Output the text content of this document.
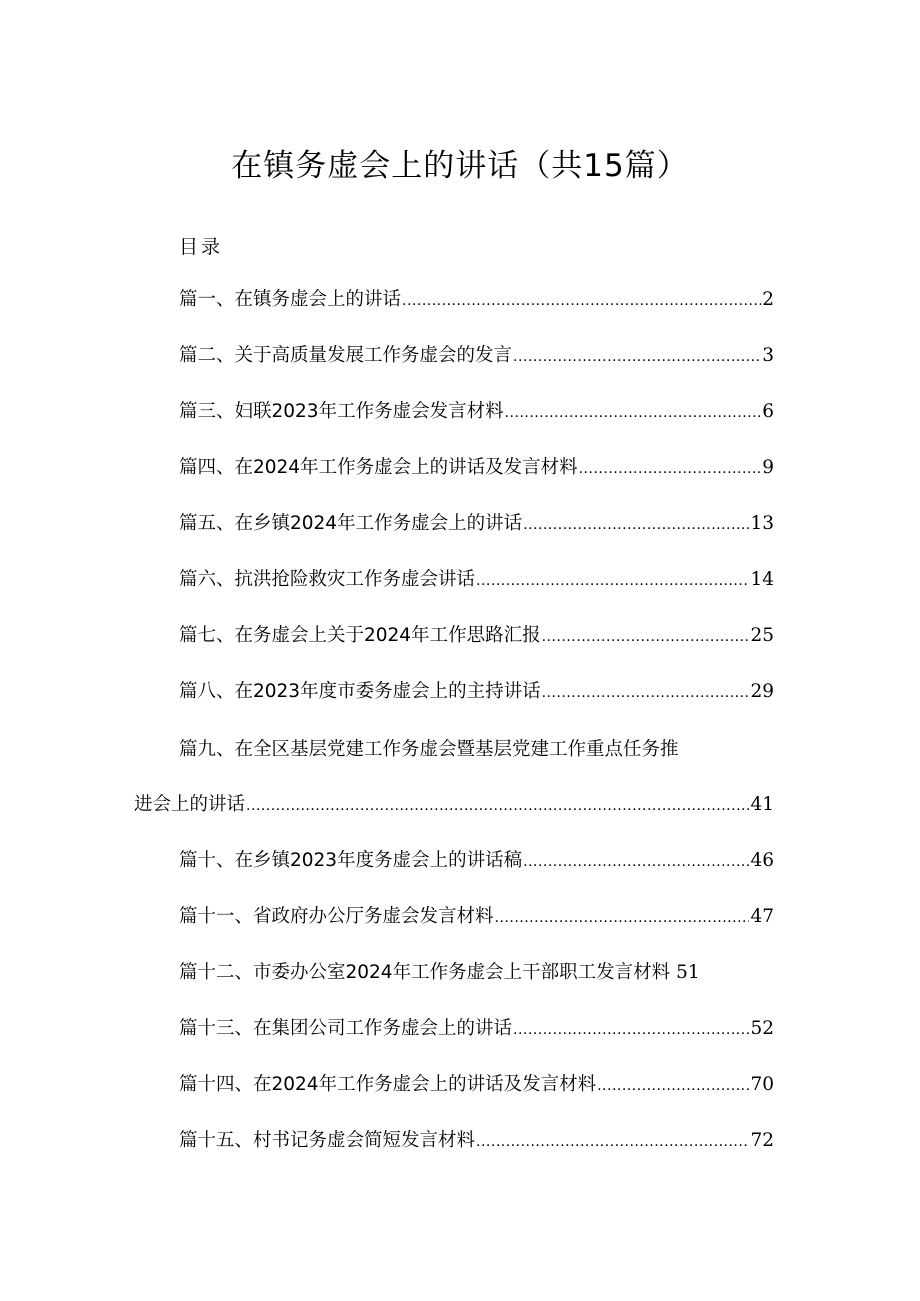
在镇务虚会上的讲话（共15篇）
目录
篇一、在镇务虚会上的讲话 .....	2
篇二、关于高质量发展工作务虚会的发言 .....	3
篇三、妇联2023年工作务虚会发言材料 .....	6
篇四、在2024年工作务虚会上的讲话及发言材料 .....	9
篇五、在乡镇2024年工作务虚会上的讲话 .....	13
篇六、抗洪抢险救灾工作务虚会讲话 .....	14
篇七、在务虚会上关于2024年工作思路汇报 .....	25
篇八、在2023年度市委务虚会上的主持讲话 .....	29
篇九、在全区基层党建工作务虚会暨基层党建工作重点任务推
进会上的讲话 .....	41
篇十、在乡镇2023年度务虚会上的讲话稿 .....	46
篇十一、省政府办公厅务虚会发言材料 .....	47
篇十二、市委办公室2024年工作务虚会上干部职工发言材料 51
篇十三、在集团公司工作务虚会上的讲话 .....	52
篇十四、在2024年工作务虚会上的讲话及发言材料 .....	70
篇十五、村书记务虚会简短发言材料 .....	72
